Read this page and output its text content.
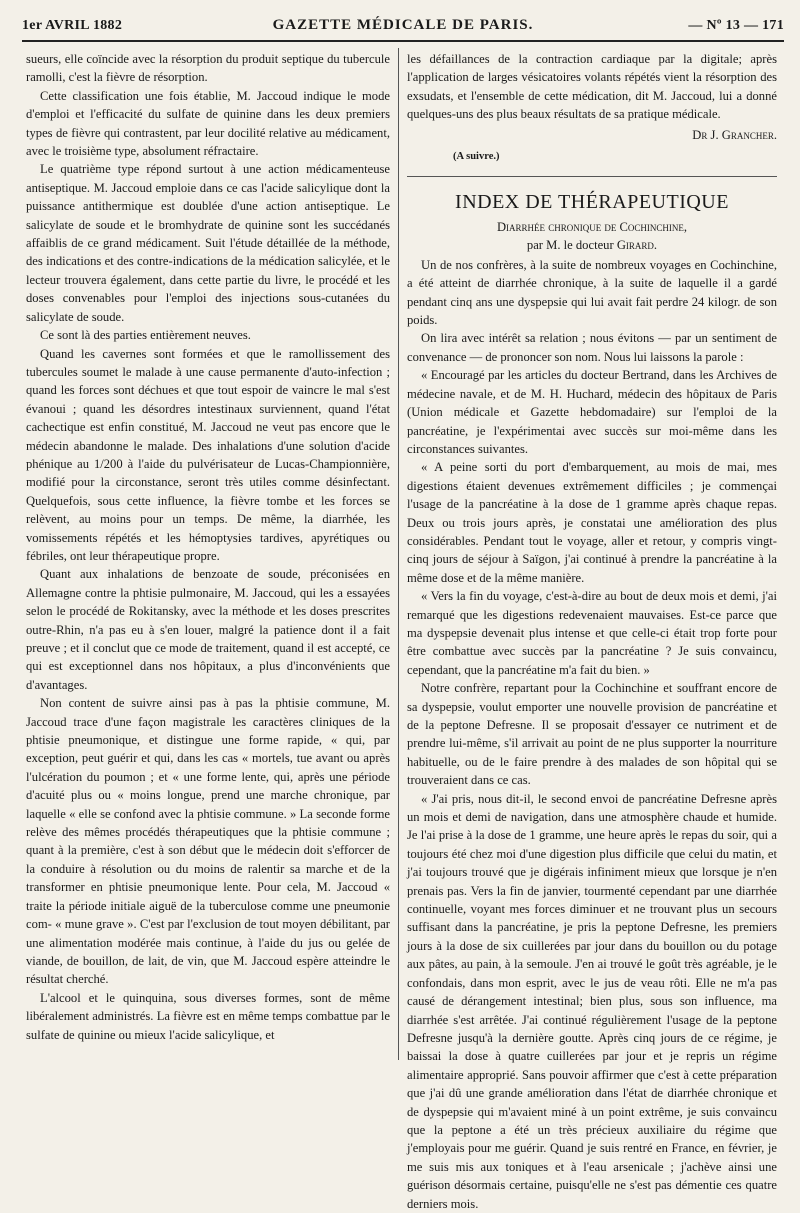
1er AVRIL 1882	GAZETTE MÉDICALE DE PARIS.	— Nº 13 — 171

sueurs, elle coïncide avec la résorption du produit septique du tubercule ramolli, c'est la fièvre de résorption.

Cette classification une fois établie, M. Jaccoud indique le mode d'emploi et l'efficacité du sulfate de quinine dans les deux premiers types de fièvre qui contrastent, par leur docilité relative au médicament, avec le troisième type, absolument réfractaire.

Le quatrième type répond surtout à une action médicamenteuse antiseptique. M. Jaccoud emploie dans ce cas l'acide salicylique dont la puissance antithermique est doublée d'une action antiseptique. Le salicylate de soude et le bromhydrate de quinine sont les succédanés affaiblis de ce grand médicament. Suit l'étude détaillée de la méthode, des indications et des contre-indications de la médication salicylée, et le lecteur trouvera également, dans cette partie du livre, le procédé et les doses convenables pour l'emploi des injections sous-cutanées du salicylate de soude.

Ce sont là des parties entièrement neuves.

Quand les cavernes sont formées et que le ramollissement des tubercules soumet le malade à une cause permanente d'auto-infection ; quand les forces sont déchues et que tout espoir de vaincre le mal s'est évanoui ; quand les désordres intestinaux surviennent, quand l'état cachectique est enfin constitué, M. Jaccoud ne veut pas encore que le médecin abandonne le malade. Des inhalations d'une solution d'acide phénique au 1/200 à l'aide du pulvérisateur de Lucas-Championnière, modifié pour la circonstance, seront très utiles comme désinfectant. Quelquefois, sous cette influence, la fièvre tombe et les forces se relèvent, au moins pour un temps. De même, la diarrhée, les vomissements répétés et les hémoptysies tardives, apyrétiques ou fébriles, ont leur thérapeutique propre.

Quant aux inhalations de benzoate de soude, préconisées en Allemagne contre la phtisie pulmonaire, M. Jaccoud, qui les a essayées selon le procédé de Rokitansky, avec la méthode et les doses prescrites outre-Rhin, n'a pas eu à s'en louer, malgré la patience dont il a fait preuve ; et il conclut que ce mode de traitement, quand il est accepté, ce qui est exceptionnel dans nos hôpitaux, a plus d'inconvénients que d'avantages.

Non content de suivre ainsi pas à pas la phtisie commune, M. Jaccoud trace d'une façon magistrale les caractères cliniques de la phtisie pneumonique, et distingue une forme rapide, « qui, par exception, peut guérir et qui, dans les cas « mortels, tue avant ou après l'ulcération du poumon ; et « une forme lente, qui, après une période d'acuité plus ou « moins longue, prend une marche chronique, par laquelle « elle se confond avec la phtisie commune. » La seconde forme relève des mêmes procédés thérapeutiques que la phtisie commune ; quant à la première, c'est à son début que le médecin doit s'efforcer de la conduire à résolution ou du moins de ralentir sa marche et de la transformer en phtisie pneumonique lente. Pour cela, M. Jaccoud « traite la période initiale aiguë de la tuberculose comme une pneumonie com- « mune grave ». C'est par l'exclusion de tout moyen débilitant, par une alimentation modérée mais continue, à l'aide du jus ou gelée de viande, de bouillon, de lait, de vin, que M. Jaccoud espère atteindre le résultat cherché.

L'alcool et le quinquina, sous diverses formes, sont de même libéralement administrés. La fièvre est en même temps combattue par le sulfate de quinine ou mieux l'acide salicylique, et

les défaillances de la contraction cardiaque par la digitale; après l'application de larges vésicatoires volants répétés vient la résorption des exsudats, et l'ensemble de cette médication, dit M. Jaccoud, lui a donné quelques-uns des plus beaux résultats de sa pratique médicale.

Dr J. Grancher.
(A suivre.)
INDEX DE THÉRAPEUTIQUE
Diarrhée chronique de Cochinchine,
par M. le docteur Girard.

Un de nos confrères, à la suite de nombreux voyages en Cochinchine, a été atteint de diarrhée chronique, à la suite de laquelle il a gardé pendant cinq ans une dyspepsie qui lui avait fait perdre 24 kilogr. de son poids.

On lira avec intérêt sa relation ; nous évitons — par un sentiment de convenance — de prononcer son nom. Nous lui laissons la parole :

« Encouragé par les articles du docteur Bertrand, dans les Archives de médecine navale, et de M. H. Huchard, médecin des hôpitaux de Paris (Union médicale et Gazette hebdomadaire) sur l'emploi de la pancréatine, je l'expérimentai avec succès sur moi-même dans les circonstances suivantes.

« A peine sorti du port d'embarquement, au mois de mai, mes digestions étaient devenues extrêmement difficiles ; je commençai l'usage de la pancréatine à la dose de 1 gramme après chaque repas. Deux ou trois jours après, je constatai une amélioration des plus considérables. Pendant tout le voyage, aller et retour, y compris vingt-cinq jours de séjour à Saïgon, j'ai continué à prendre la pancréatine à la même dose et de la même manière.

« Vers la fin du voyage, c'est-à-dire au bout de deux mois et demi, j'ai remarqué que les digestions redevenaient mauvaises. Est-ce parce que ma dyspepsie devenait plus intense et que celle-ci était trop forte pour être combattue avec succès par la pancréatine ? Je suis convaincu, cependant, que la pancréatine m'a fait du bien. »

Notre confrère, repartant pour la Cochinchine et souffrant encore de sa dyspepsie, voulut emporter une nouvelle provision de pancréatine et de la peptone Defresne. Il se proposait d'essayer ce nutriment et de prendre lui-même, s'il arrivait au point de ne plus supporter la nourriture habituelle, ou de le faire prendre à des malades de son hôpital qui se trouveraient dans ce cas.

« J'ai pris, nous dit-il, le second envoi de pancréatine Defresne après un mois et demi de navigation, dans une atmosphère chaude et humide. Je l'ai prise à la dose de 1 gramme, une heure après le repas du soir, qui a toujours été chez moi d'une digestion plus difficile que celui du matin, et j'ai toujours trouvé que je digérais infiniment mieux que lorsque je n'en prenais pas. Vers la fin de janvier, tourmenté cependant par une diarrhée continuelle, voyant mes forces diminuer et ne trouvant plus un secours suffisant dans la pancréatine, je pris la peptone Defresne, les premiers jours à la dose de six cuillerées par jour dans du bouillon ou du potage aux pâtes, au pain, à la semoule. J'en ai trouvé le goût très agréable, je le confondais, dans mon esprit, avec le jus de veau rôti. Elle ne m'a pas causé de dérangement intestinal; bien plus, sous son influence, ma diarrhée s'est arrêtée. J'ai continué régulièrement l'usage de la peptone Defresne jusqu'à la dernière goutte. Après cinq jours de ce régime, je baissai la dose à quatre cuillerées par jour et je repris un régime alimentaire approprié. Sans pouvoir affirmer que c'est à cette préparation que j'ai dû une grande amélioration dans l'état de diarrhée chronique et de dyspepsie qui m'avaient miné à un point extrême, je suis convaincu que la peptone a été un très précieux auxiliaire du régime que j'employais pour me guérir. Quand je suis rentré en France, en février, je me suis mis aux toniques et à l'eau arsenicale ; j'achève ainsi une guérison désormais certaine, puisqu'elle ne s'est pas démentie ces quatre derniers mois.
